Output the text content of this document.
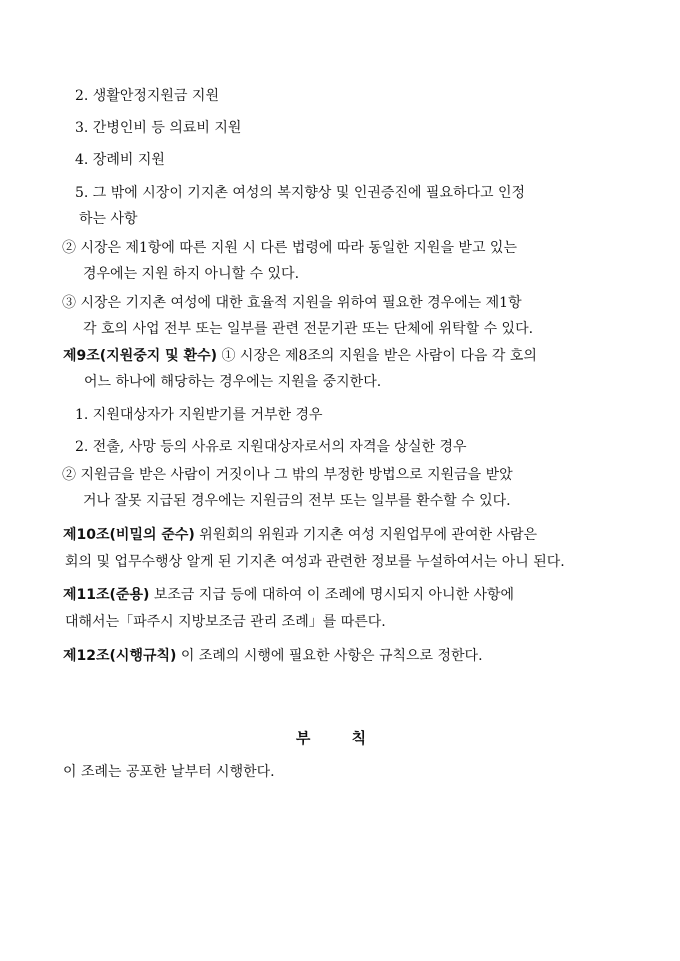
2. 생활안정지원금 지원
3. 간병인비 등 의료비 지원
4. 장례비 지원
5. 그 밖에 시장이 기지촌 여성의 복지향상 및 인권증진에 필요하다고 인정
하는 사항
② 시장은 제1항에 따른 지원 시 다른 법령에 따라 동일한 지원을 받고 있는
경우에는 지원 하지 아니할 수 있다.
③ 시장은 기지촌 여성에 대한 효율적 지원을 위하여 필요한 경우에는 제1항
각 호의 사업 전부 또는 일부를 관련 전문기관 또는 단체에 위탁할 수 있다.
제9조(지원중지 및 환수) ① 시장은 제8조의 지원을 받은 사람이 다음 각 호의
어느 하나에 해당하는 경우에는 지원을 중지한다.
1. 지원대상자가 지원받기를 거부한 경우
2. 전출, 사망 등의 사유로 지원대상자로서의 자격을 상실한 경우
② 지원금을 받은 사람이 거짓이나 그 밖의 부정한 방법으로 지원금을 받았
거나 잘못 지급된 경우에는 지원금의 전부 또는 일부를 환수할 수 있다.
제10조(비밀의 준수) 위원회의 위원과 기지촌 여성 지원업무에 관여한 사람은
회의 및 업무수행상 알게 된 기지촌 여성과 관련한 정보를 누설하여서는 아니 된다.
제11조(준용) 보조금 지급 등에 대하여 이 조례에 명시되지 아니한 사항에
대해서는「파주시 지방보조금 관리 조례」를 따른다.
제12조(시행규칙) 이 조례의 시행에 필요한 사항은 규칙으로 정한다.
부 칙
이 조례는 공포한 날부터 시행한다.
